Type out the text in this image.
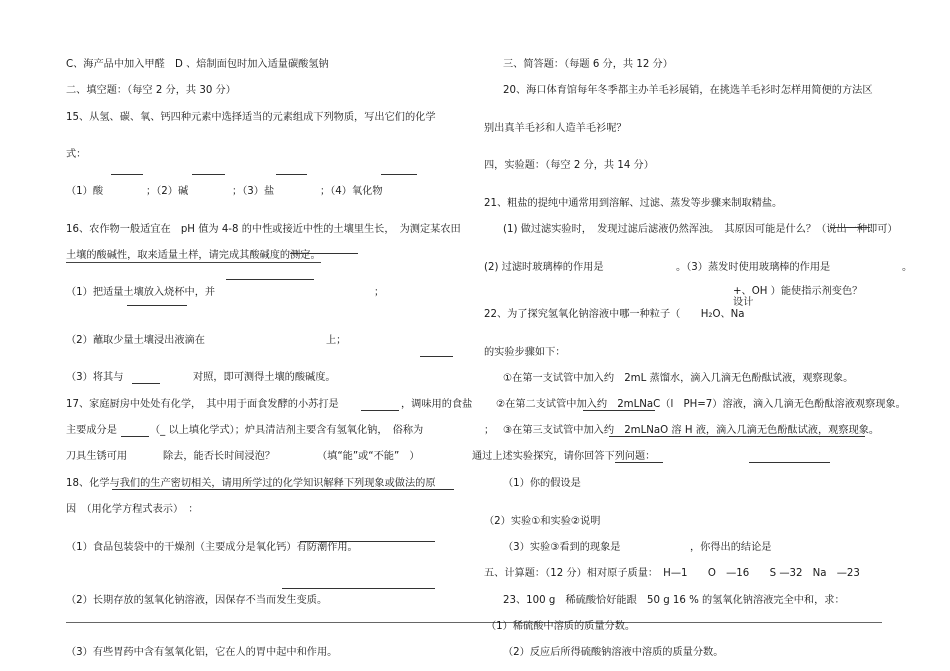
C、海产品中加入甲醛　D 、焙制面包时加入适量碳酸氢钠
二、填空题：（每空 2 分，共 30 分）
15、从氢、碳、氧、钙四种元素中选择适当的元素组成下列物质，写出它们的化学
式：
（1）酸	；（2）碱	；（3）盐	；（4）氧化物
16、农作物一般适宜在　pH 值为 4-8 的中性或接近中性的土壤里生长，　为测定某农田
土壤的酸碱性，取来适量土样，请完成其酸碱度的测定。
（1）把适量土壤放入烧杯中，并	；
（2）蘸取少量土壤浸出液滴在	上；
（3）将其与	对照，即可测得土壤的酸碱度。
17、家庭厨房中处处有化学，　其中用于面食发酵的小苏打是	，调味用的食盐
主要成分是	（_ 以上填化学式）；炉具清洁剂主要含有氢氧化钠，　俗称为
刀具生锈可用	除去，能否长时间浸泡？	（填“能”或“不能”　）
18、化学与我们的生产密切相关，请用所学过的化学知识解释下列现象或做法的原
因　（用化学方程式表示）　：
（1）食品包装袋中的干燥剂（主要成分是氧化钙）有防潮作用。
（2）长期存放的氢氧化钠溶液，因保存不当而发生变质。
（3）有些胃药中含有氢氧化铝，它在人的胃中起中和作用。
三、简答题：（每题 6 分，共 12 分）
20、海口体育馆每年冬季都主办羊毛衫展销，在挑选羊毛衫时怎样用简便的方法区
别出真羊毛衫和人造羊毛衫呢？
四，实验题：（每空 2 分，共 14 分）
21、粗盐的提纯中通常用到溶解、过滤、蒸发等步骤来制取精盐。
(1) 做过滤实验时，　发现过滤后滤液仍然浑浊。　其原因可能是什么？（说出一种即可）
(2) 过滤时玻璃棒的作用是	。（3）蒸发时使用玻璃棒的作用是	。
+、OH ）能使指示剂变色？
设计
22、为了探究氢氧化钠溶液中哪一种粒子（　　H₂O、Na
的实验步骤如下：
①在第一支试管中加入约　2mL 蒸馏水，滴入几滴无色酚酞试液，观察现象。
②在第二支试管中加入约　2mLNaC（l　PH=7）溶液，滴入几滴无色酚酞溶液观察现象。
； ③在第三支试管中加入约　2mLNaO 溶 H 液，滴入几滴无色酚酞试液，观察现象。
通过上述实验探究，请你回答下列问题：
（1）你的假设是
（2）实验①和实验②说明
（3）实验③看到的现象是	，你得出的结论是
五、计算题：（12 分）相对原子质量：　H—1　　O　—16　　S —32　Na　—23
23、100 g　稀硫酸恰好能跟　50 g 16 % 的氢氧化钠溶液完全中和，求：
（1）稀硫酸中溶质的质量分数。
（2）反应后所得硫酸钠溶液中溶质的质量分数。
